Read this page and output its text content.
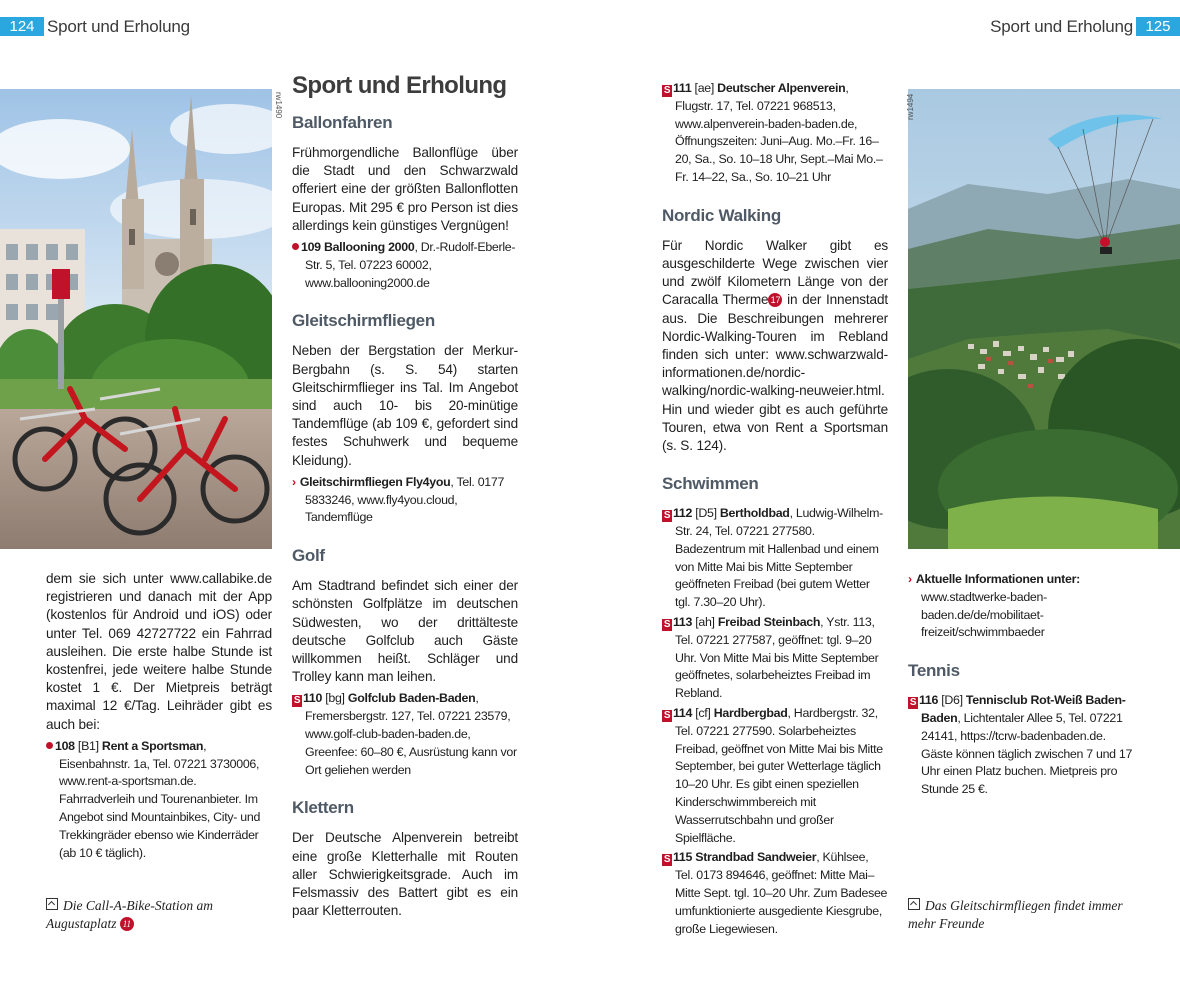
124 Sport und Erholung	Sport und Erholung 125
rw1490	rw1494

dem sie sich unter www.callabike.de registrieren und danach mit der App (kostenlos für Android und iOS) oder unter Tel. 069 42727722 ein Fahrrad ausleihen. Die erste halbe Stunde ist kostenfrei, jede weitere halbe Stunde kostet 1 €. Der Mietpreis beträgt maximal 12 €/Tag. Leihräder gibt es auch bei:

108 [B1] Rent a Sportsman, Eisenbahnstr. 1a, Tel. 07221 3730006, www.rent-a-sportsman.de. Fahrradverleih und Tourenanbieter. Im Angebot sind Mountainbikes, City- und Trekkingräder ebenso wie Kinderräder (ab 10 € täglich).
Die Call-A-Bike-Station am Augustaplatz 11
Sport und Erholung
Ballonfahren

Frühmorgendliche Ballonflüge über die Stadt und den Schwarzwald offeriert eine der größten Ballonflotten Europas. Mit 295 € pro Person ist dies allerdings kein günstiges Vergnügen!

109 Ballooning 2000, Dr.-Rudolf-Eberle-Str. 5, Tel. 07223 60002, www.ballooning2000.de
Gleitschirmfliegen

Neben der Bergstation der Merkur-Bergbahn (s. S. 54) starten Gleitschirmflieger ins Tal. Im Angebot sind auch 10- bis 20-minütige Tandemflüge (ab 109 €, gefordert sind festes Schuhwerk und bequeme Kleidung).

› Gleitschirmfliegen Fly4you, Tel. 0177 5833246, www.fly4you.cloud, Tandemflüge
Golf

Am Stadtrand befindet sich einer der schönsten Golfplätze im deutschen Südwesten, wo der drittälteste deutsche Golfclub auch Gäste willkommen heißt. Schläger und Trolley kann man leihen.

S 110 [bg] Golfclub Baden-Baden, Fremersbergstr. 127, Tel. 07221 23579, www.golf-club-baden-baden.de, Greenfee: 60–80 €, Ausrüstung kann vor Ort geliehen werden
Klettern

Der Deutsche Alpenverein betreibt eine große Kletterhalle mit Routen aller Schwierigkeitsgrade. Auch im Felsmassiv des Battert gibt es ein paar Kletterrouten.

S 111 [ae] Deutscher Alpenverein, Flugstr. 17, Tel. 07221 968513, www.alpenverein-baden-baden.de, Öffnungszeiten: Juni–Aug. Mo.–Fr. 16–20, Sa., So. 10–18 Uhr, Sept.–Mai Mo.–Fr. 14–22, Sa., So. 10–21 Uhr
Nordic Walking

Für Nordic Walker gibt es ausgeschilderte Wege zwischen vier und zwölf Kilometern Länge von der Caracalla Therme 17 in der Innenstadt aus. Die Beschreibungen mehrerer Nordic-Walking-Touren im Rebland finden sich unter: www.schwarzwald-informationen.de/nordic-walking/nordic-walking-neuweier.html. Hin und wieder gibt es auch geführte Touren, etwa von Rent a Sportsman (s. S. 124).

Schwimmen
S 112 [D5] Bertholdbad, Ludwig-Wilhelm-Str. 24, Tel. 07221 277580. Badezentrum mit Hallenbad und einem von Mitte Mai bis Mitte September geöffneten Freibad (bei gutem Wetter tgl. 7.30–20 Uhr).
S 113 [ah] Freibad Steinbach, Ystr. 113, Tel. 07221 277587, geöffnet: tgl. 9–20 Uhr. Von Mitte Mai bis Mitte September geöffnetes, solarbeheiztes Freibad im Rebland.
S 114 [cf] Hardbergbad, Hardbergstr. 32, Tel. 07221 277590. Solarbeheiztes Freibad, geöffnet von Mitte Mai bis Mitte September, bei guter Wetterlage täglich 10–20 Uhr. Es gibt einen speziellen Kinderschwimmbereich mit Wasserrutschbahn und großer Spielfläche.
S 115 Strandbad Sandweier, Kühlsee, Tel. 0173 894646, geöffnet: Mitte Mai–Mitte Sept. tgl. 10–20 Uhr. Zum Badesee umfunktionierte ausgediente Kiesgrube, große Liegewiesen.
› Aktuelle Informationen unter: www.stadtwerke-baden-baden.de/de/mobilitaet-freizeit/schwimmbaeder
Tennis
S 116 [D6] Tennisclub Rot-Weiß Baden-Baden, Lichtentaler Allee 5, Tel. 07221 24141, https://tcrw-badenbaden.de. Gäste können täglich zwischen 7 und 17 Uhr einen Platz buchen. Mietpreis pro Stunde 25 €.
Das Gleitschirmfliegen findet immer mehr Freunde
